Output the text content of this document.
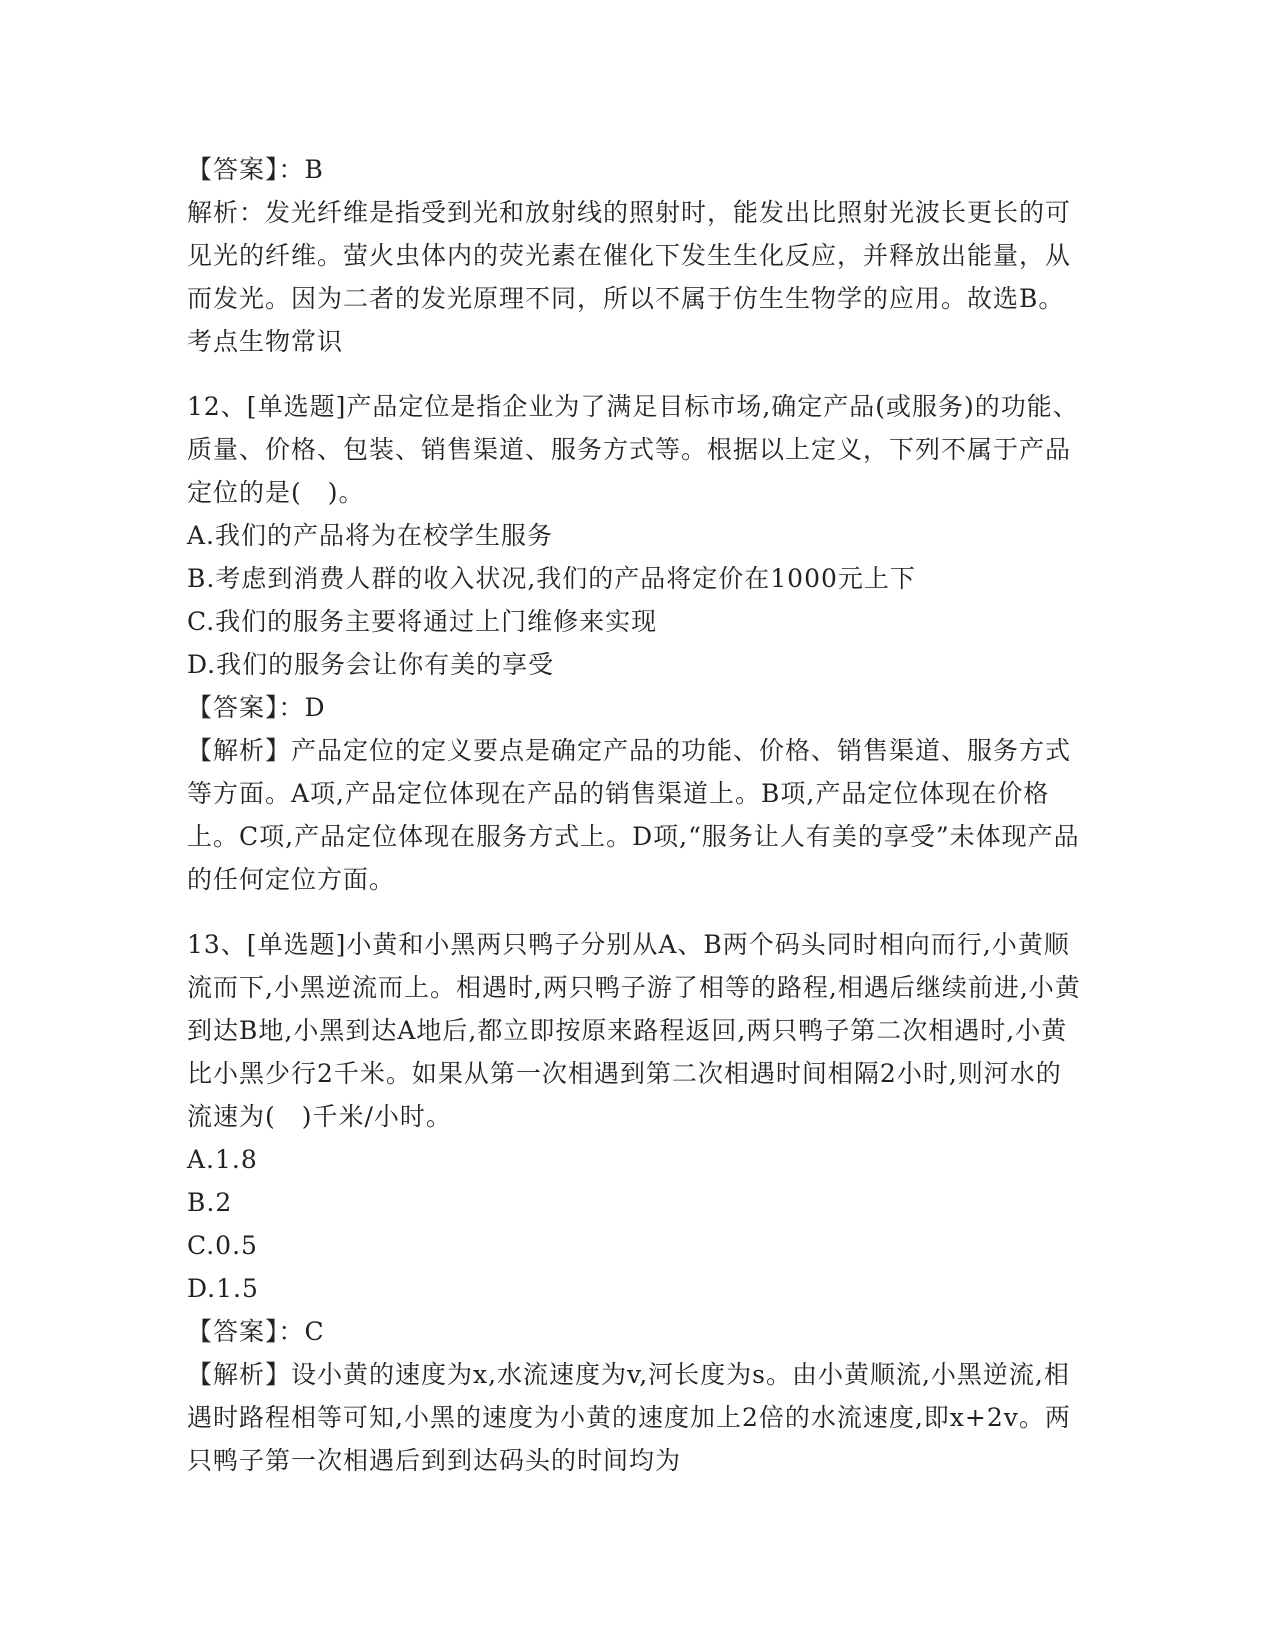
【答案】：B

解析：发光纤维是指受到光和放射线的照射时，能发出比照射光波长更长的可见光的纤维。萤火虫体内的荧光素在催化下发生生化反应，并释放出能量，从而发光。因为二者的发光原理不同，所以不属于仿生生物学的应用。故选B。考点生物常识

12、[单选题]产品定位是指企业为了满足目标市场,确定产品(或服务)的功能、质量、价格、包装、销售渠道、服务方式等。根据以上定义，下列不属于产品定位的是(　)。

A.我们的产品将为在校学生服务

B.考虑到消费人群的收入状况,我们的产品将定价在1000元上下

C.我们的服务主要将通过上门维修来实现

D.我们的服务会让你有美的享受

【答案】：D

【解析】产品定位的定义要点是确定产品的功能、价格、销售渠道、服务方式等方面。A项,产品定位体现在产品的销售渠道上。B项,产品定位体现在价格上。C项,产品定位体现在服务方式上。D项,“服务让人有美的享受”未体现产品的任何定位方面。

13、[单选题]小黄和小黑两只鸭子分别从A、B两个码头同时相向而行,小黄顺流而下,小黑逆流而上。相遇时,两只鸭子游了相等的路程,相遇后继续前进,小黄到达B地,小黑到达A地后,都立即按原来路程返回,两只鸭子第二次相遇时,小黄比小黑少行2千米。如果从第一次相遇到第二次相遇时间相隔2小时,则河水的流速为(　)千米/小时。

A.1.8

B.2

C.0.5

D.1.5

【答案】：C

【解析】设小黄的速度为x,水流速度为v,河长度为s。由小黄顺流,小黑逆流,相遇时路程相等可知,小黑的速度为小黄的速度加上2倍的水流速度,即x+2v。两只鸭子第一次相遇后到到达码头的时间均为
